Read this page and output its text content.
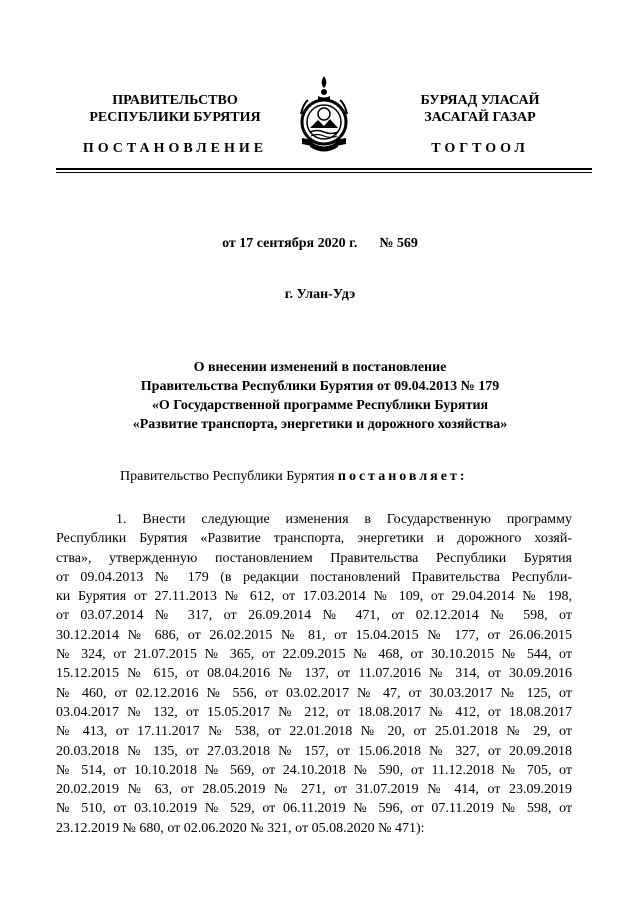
ПРАВИТЕЛЬСТВО
РЕСПУБЛИКИ БУРЯТИЯ
ПОСТАНОВЛЕНИЕ
БУРЯАД УЛАСАЙ
ЗАСАГАЙ ГАЗАР
ТОГТООЛ
от 17 сентября 2020 г. № 569
г. Улан-Удэ
О внесении изменений в постановление
Правительства Республики Бурятия от 09.04.2013 № 179
«О Государственной программе Республики Бурятия
«Развитие транспорта, энергетики и дорожного хозяйства»
Правительство Республики Бурятия постановляет:
1. Внести следующие изменения в Государственную программу
Республики Бурятия «Развитие транспорта, энергетики и дорожного хозяй-
ства», утвержденную постановлением Правительства Республики Бурятия
от 09.04.2013 № 179 (в редакции постановлений Правительства Республи-
ки Бурятия от 27.11.2013 № 612, от 17.03.2014 № 109, от 29.04.2014 № 198,
от 03.07.2014 № 317, от 26.09.2014 № 471, от 02.12.2014 № 598, от
30.12.2014 № 686, от 26.02.2015 № 81, от 15.04.2015 № 177, от 26.06.2015
№ 324, от 21.07.2015 № 365, от 22.09.2015 № 468, от 30.10.2015 № 544, от
15.12.2015 № 615, от 08.04.2016 № 137, от 11.07.2016 № 314, от 30.09.2016
№ 460, от 02.12.2016 № 556, от 03.02.2017 № 47, от 30.03.2017 № 125, от
03.04.2017 № 132, от 15.05.2017 № 212, от 18.08.2017 № 412, от 18.08.2017
№ 413, от 17.11.2017 № 538, от 22.01.2018 № 20, от 25.01.2018 № 29, от
20.03.2018 № 135, от 27.03.2018 № 157, от 15.06.2018 № 327, от 20.09.2018
№ 514, от 10.10.2018 № 569, от 24.10.2018 № 590, от 11.12.2018 № 705, от
20.02.2019 № 63, от 28.05.2019 № 271, от 31.07.2019 № 414, от 23.09.2019
№ 510, от 03.10.2019 № 529, от 06.11.2019 № 596, от 07.11.2019 № 598, от
23.12.2019 № 680, от 02.06.2020 № 321, от 05.08.2020 № 471):
